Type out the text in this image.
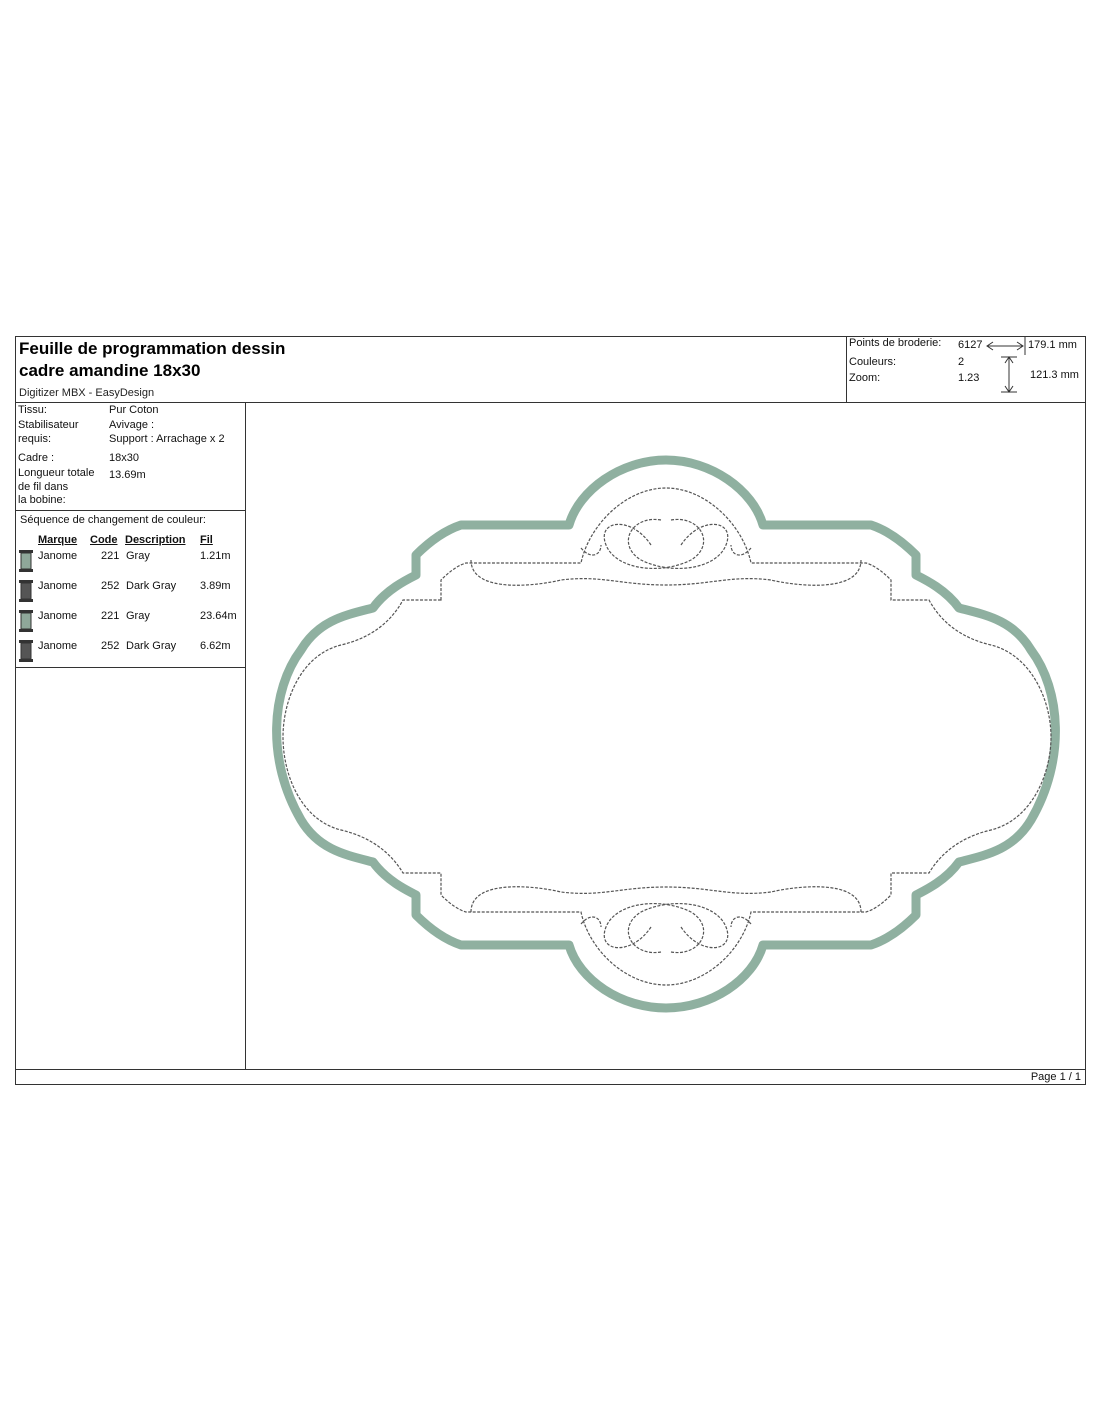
Feuille de programmation dessin
cadre amandine 18x30
Digitizer MBX - EasyDesign
Points de broderie: 6127
Couleurs:	2
Zoom:	1.23
179.1 mm
121.3 mm
Tissu:	Pur Coton
Stabilisateur
requis:
Avivage :
Support : Arrachage x 2
Cadre :	18x30
Longueur totale
de fil dans
la bobine:
13.69m
Séquence de changement de couleur:
Marque Code Description Fil
Janome 221 Gray	1.21m
Janome 252 Dark Gray 3.89m
Janome 221 Gray	23.64m
Janome 252 Dark Gray 6.62m
Page 1 / 1
